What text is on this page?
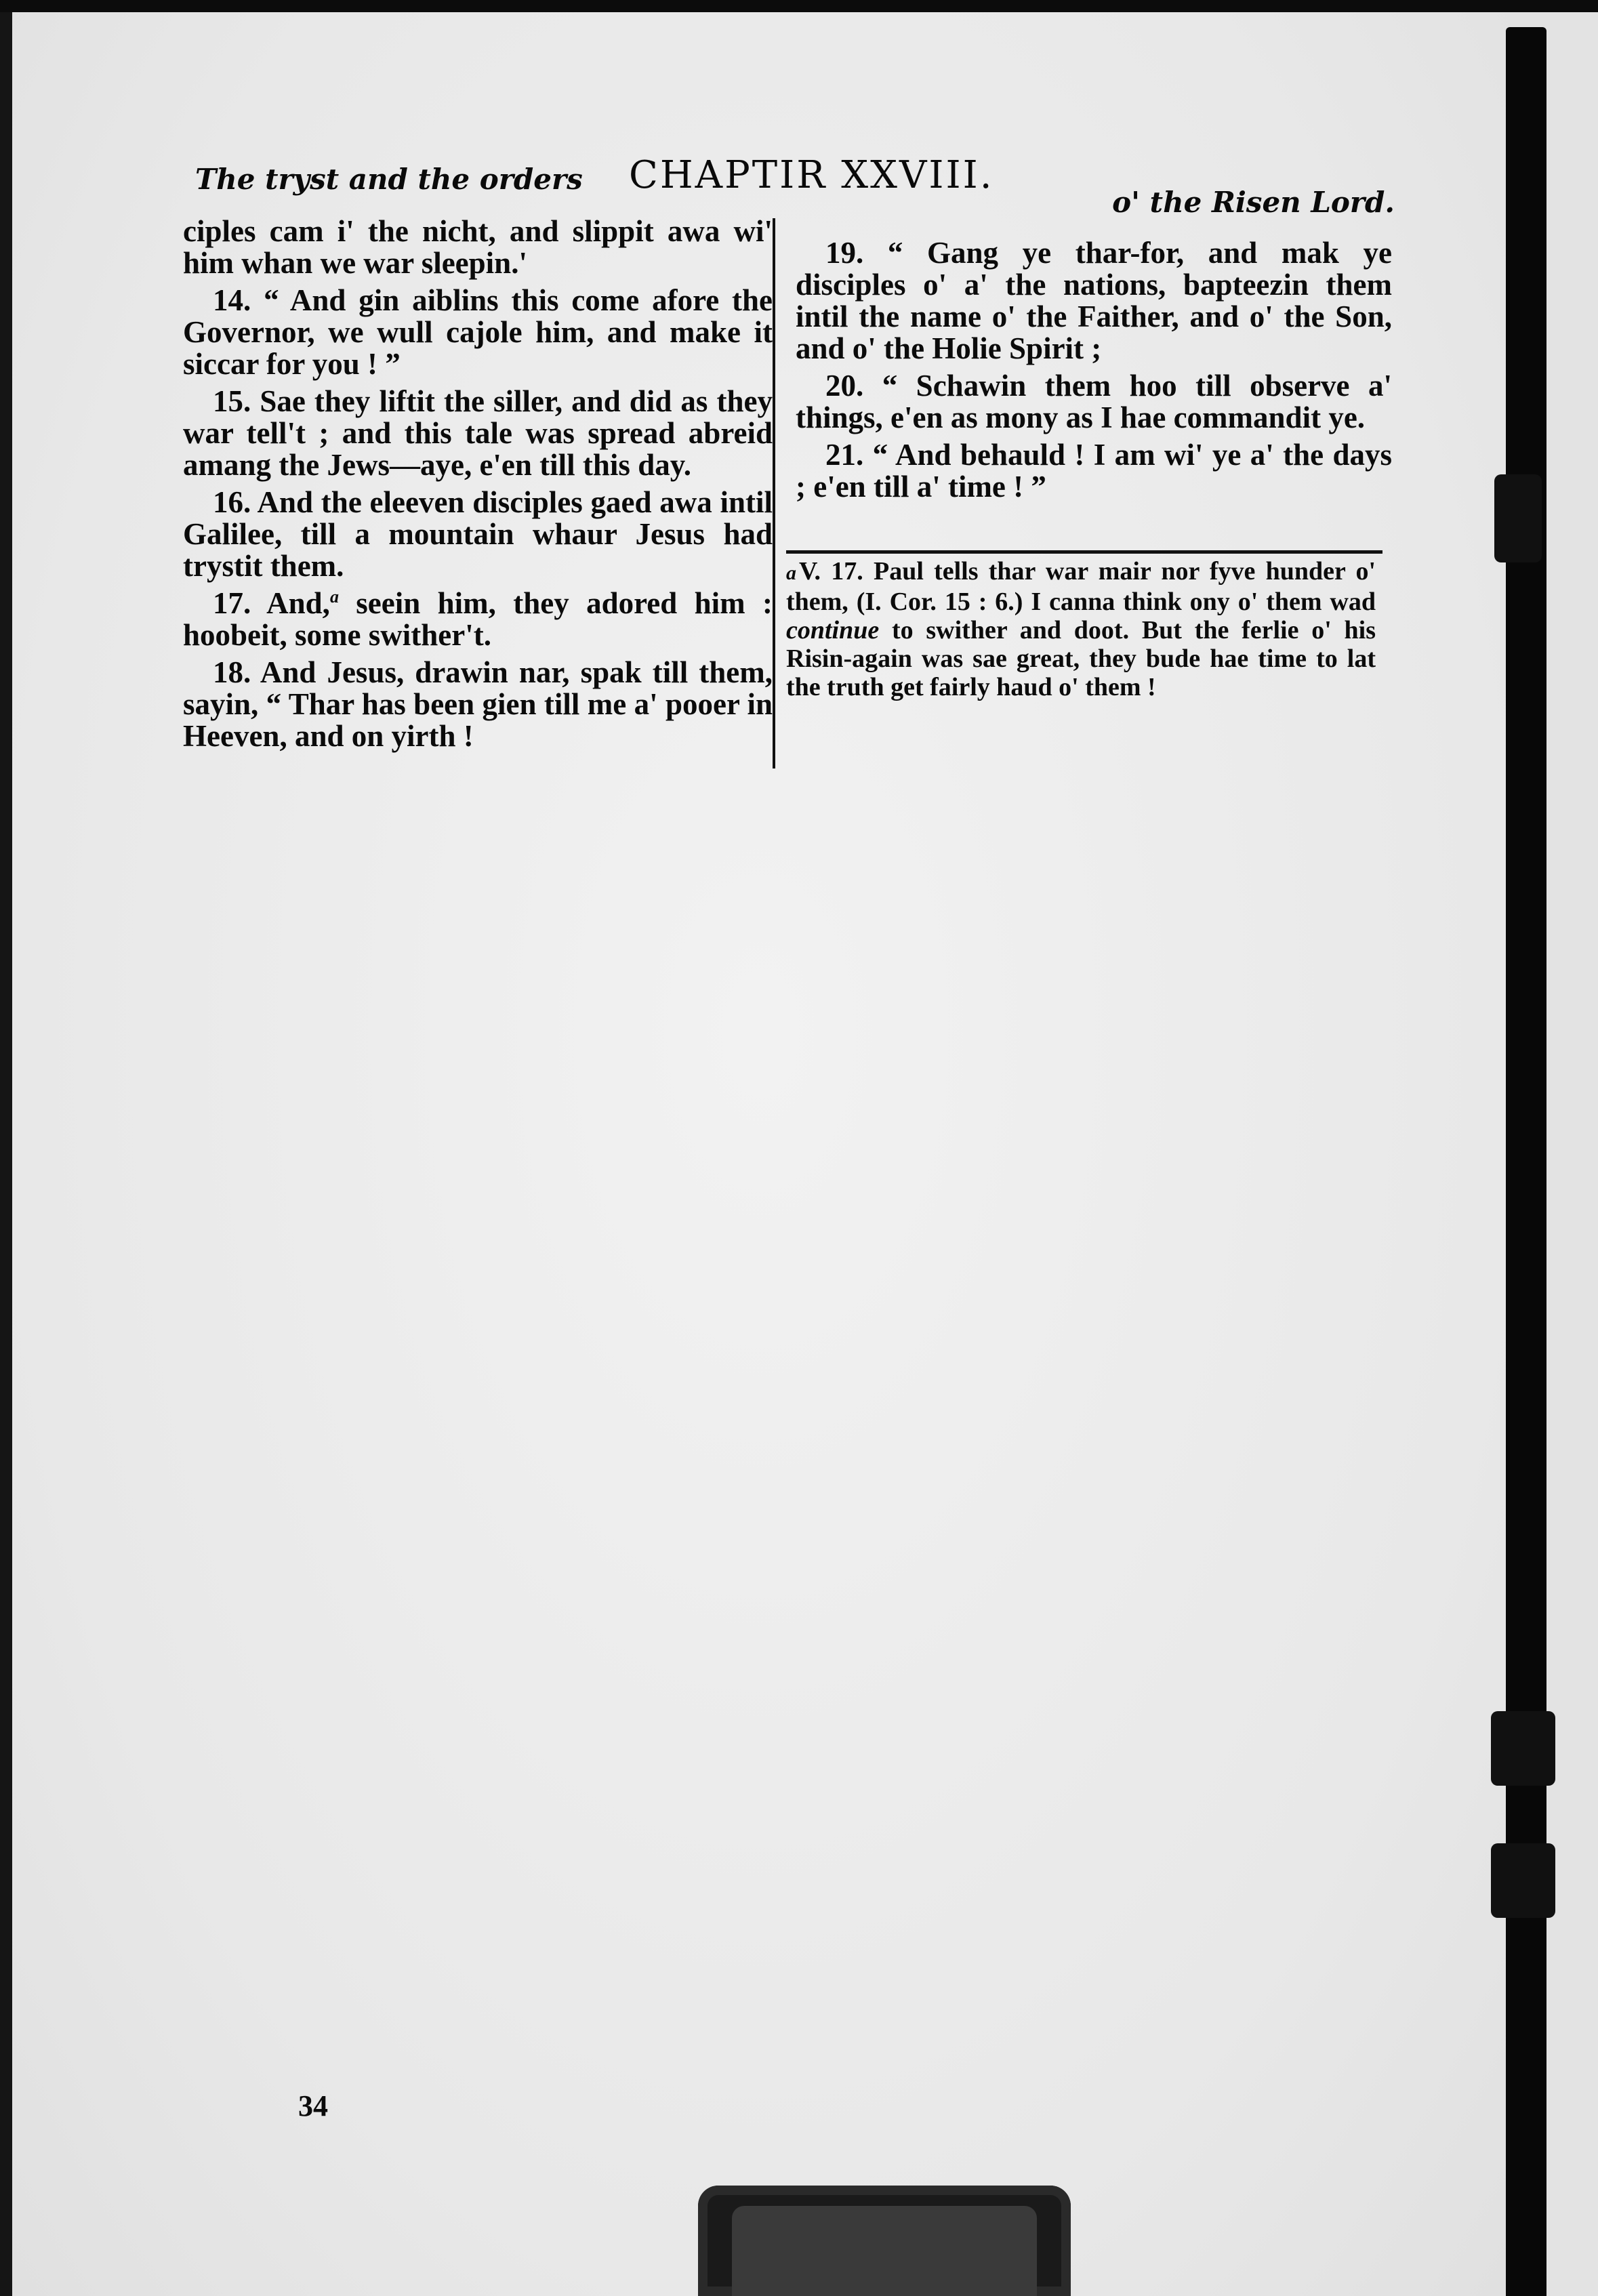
The tryst and the orders CHAPTIR XXVIII.
o' the Risen Lord.

ciples cam i' the nicht, and slippit awa wi' him whan we war sleepin.'

14. “ And gin aiblins this come afore the Governor, we wull cajole him, and make it siccar for you ! ”

15. Sae they liftit the siller, and did as they war tell't ; and this tale was spread abreid amang the Jews—aye, e'en till this day.

16. And the eleeven disciples gaed awa intil Galilee, till a mountain whaur Jesus had trystit them.

17. And,$^a$ seein him, they adored him : hoobeit, some swither't.

18. And Jesus, drawin nar, spak till them, sayin, “ Thar has been gien till me a' pooer in Heeven, and on yirth !

19. “ Gang ye thar-for, and mak ye disciples o' a' the nations, bapteezin them intil the name o' the Faither, and o' the Son, and o' the Holie Spirit ;

20. “ Schawin them hoo till observe a' things, e'en as mony as I hae commandit ye.

21. “ And behauld ! I am wi' ye a' the days ; e'en till a' time ! ”

a V. 17. Paul tells thar war mair nor fyve hunder o' them, (I. Cor. 15 : 6.) I canna think ony o' them wad continue to swither and doot. But the ferlie o' his Risin-again was sae great, they bude hae time to lat the truth get fairly haud o' them !
34
